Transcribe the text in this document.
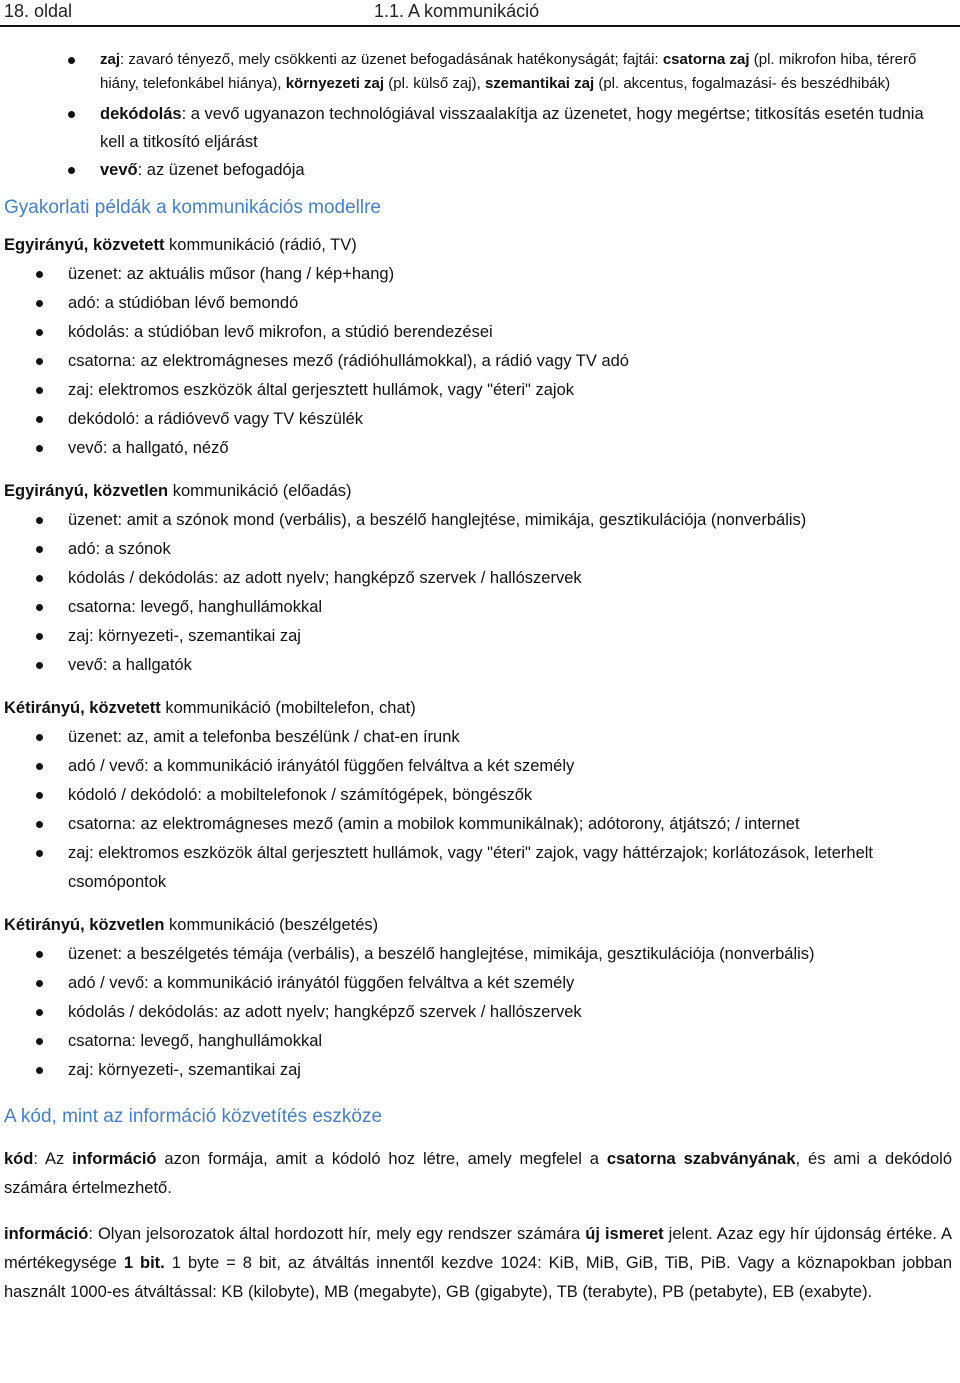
18. oldal	1.1. A kommunikáció
zaj: zavaró tényező, mely csökkenti az üzenet befogadásának hatékonyságát; fajtái: csatorna zaj (pl. mikrofon hiba, térerő hiány, telefonkábel hiánya), környezeti zaj (pl. külső zaj), szemantikai zaj (pl. akcentus, fogalmazási- és beszédhibák)
dekódolás: a vevő ugyanazon technológiával visszaalakítja az üzenetet, hogy megértse; titkosítás esetén tudnia kell a titkosító eljárást
vevő: az üzenet befogadója
Gyakorlati példák a kommunikációs modellre

Egyirányú, közvetett kommunikáció (rádió, TV)

üzenet: az aktuális műsor (hang / kép+hang)
adó: a stúdióban lévő bemondó
kódolás: a stúdióban levő mikrofon, a stúdió berendezései
csatorna: az elektromágneses mező (rádióhullámokkal), a rádió vagy TV adó
zaj: elektromos eszközök által gerjesztett hullámok, vagy "éteri" zajok
dekódoló: a rádióvevő vagy TV készülék
vevő: a hallgató, néző

Egyirányú, közvetlen kommunikáció (előadás)

üzenet: amit a szónok mond (verbális), a beszélő hanglejtése, mimikája, gesztikulációja (nonverbális)
adó: a szónok
kódolás / dekódolás: az adott nyelv; hangképző szervek / hallószervek
csatorna: levegő, hanghullámokkal
zaj: környezeti-, szemantikai zaj
vevő: a hallgatók

Kétirányú, közvetett kommunikáció (mobiltelefon, chat)

üzenet: az, amit a telefonba beszélünk / chat-en írunk
adó / vevő: a kommunikáció irányától függően felváltva a két személy
kódoló / dekódoló: a mobiltelefonok / számítógépek, böngészők
csatorna: az elektromágneses mező (amin a mobilok kommunikálnak); adótorony, átjátszó; / internet
zaj: elektromos eszközök által gerjesztett hullámok, vagy "éteri" zajok, vagy háttérzajok; korlátozások, leterhelt csomópontok

Kétirányú, közvetlen kommunikáció (beszélgetés)

üzenet: a beszélgetés témája (verbális), a beszélő hanglejtése, mimikája, gesztikulációja (nonverbális)
adó / vevő: a kommunikáció irányától függően felváltva a két személy
kódolás / dekódolás: az adott nyelv; hangképző szervek / hallószervek
csatorna: levegő, hanghullámokkal
zaj: környezeti-, szemantikai zaj
A kód, mint az információ közvetítés eszköze

kód: Az információ azon formája, amit a kódoló hoz létre, amely megfelel a csatorna szabványának, és ami a dekódoló számára értelmezhető.

információ: Olyan jelsorozatok által hordozott hír, mely egy rendszer számára új ismeret jelent. Azaz egy hír újdonság értéke. A mértékegysége 1 bit. 1 byte = 8 bit, az átváltás innentől kezdve 1024: KiB, MiB, GiB, TiB, PiB. Vagy a köznapokban jobban használt 1000-es átváltással: KB (kilobyte), MB (megabyte), GB (gigabyte), TB (terabyte), PB (petabyte), EB (exabyte).
